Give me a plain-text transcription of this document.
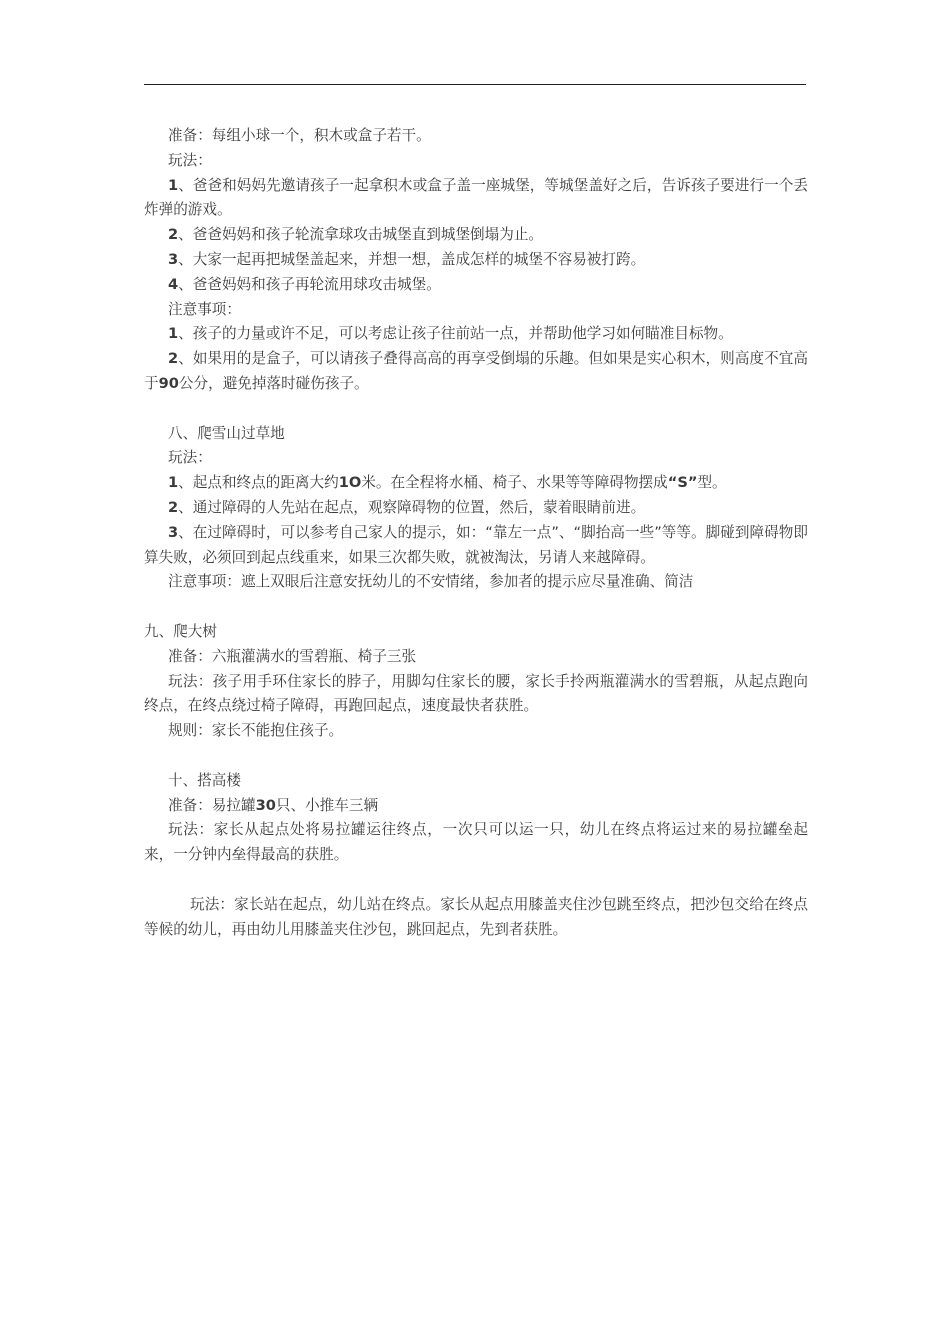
准备：每组小球一个，积木或盒子若干。

玩法：

1、爸爸和妈妈先邀请孩子一起拿积木或盒子盖一座城堡，等城堡盖好之后，告诉孩子要进行一个丢炸弹的游戏。

2、爸爸妈妈和孩子轮流拿球攻击城堡直到城堡倒塌为止。

3、大家一起再把城堡盖起来，并想一想，盖成怎样的城堡不容易被打跨。

4、爸爸妈妈和孩子再轮流用球攻击城堡。

注意事项：

1、孩子的力量或许不足，可以考虑让孩子往前站一点，并帮助他学习如何瞄准目标物。

2、如果用的是盒子，可以请孩子叠得高高的再享受倒塌的乐趣。但如果是实心积木，则高度不宜高于90公分，避免掉落时碰伤孩子。

八、爬雪山过草地

玩法：

1、起点和终点的距离大约1O米。在全程将水桶、椅子、水果等等障碍物摆成“S”型。

2、通过障碍的人先站在起点，观察障碍物的位置，然后，蒙着眼睛前进。

3、在过障碍时，可以参考自己家人的提示，如：“靠左一点”、“脚抬高一些”等等。脚碰到障碍物即算失败，必须回到起点线重来，如果三次都失败，就被淘汰，另请人来越障碍。

注意事项：遮上双眼后注意安抚幼儿的不安情绪，参加者的提示应尽量准确、简洁

九、爬大树

准备：六瓶灌满水的雪碧瓶、椅子三张

玩法：孩子用手环住家长的脖子，用脚勾住家长的腰，家长手拎两瓶灌满水的雪碧瓶，从起点跑向终点，在终点绕过椅子障碍，再跑回起点，速度最快者获胜。

规则：家长不能抱住孩子。

十、搭高楼

准备：易拉罐30只、小推车三辆

玩法：家长从起点处将易拉罐运往终点，一次只可以运一只，幼儿在终点将运过来的易拉罐垒起来，一分钟内垒得最高的获胜。

玩法：家长站在起点，幼儿站在终点。家长从起点用膝盖夹住沙包跳至终点，把沙包交给在终点等候的幼儿，再由幼儿用膝盖夹住沙包，跳回起点，先到者获胜。
